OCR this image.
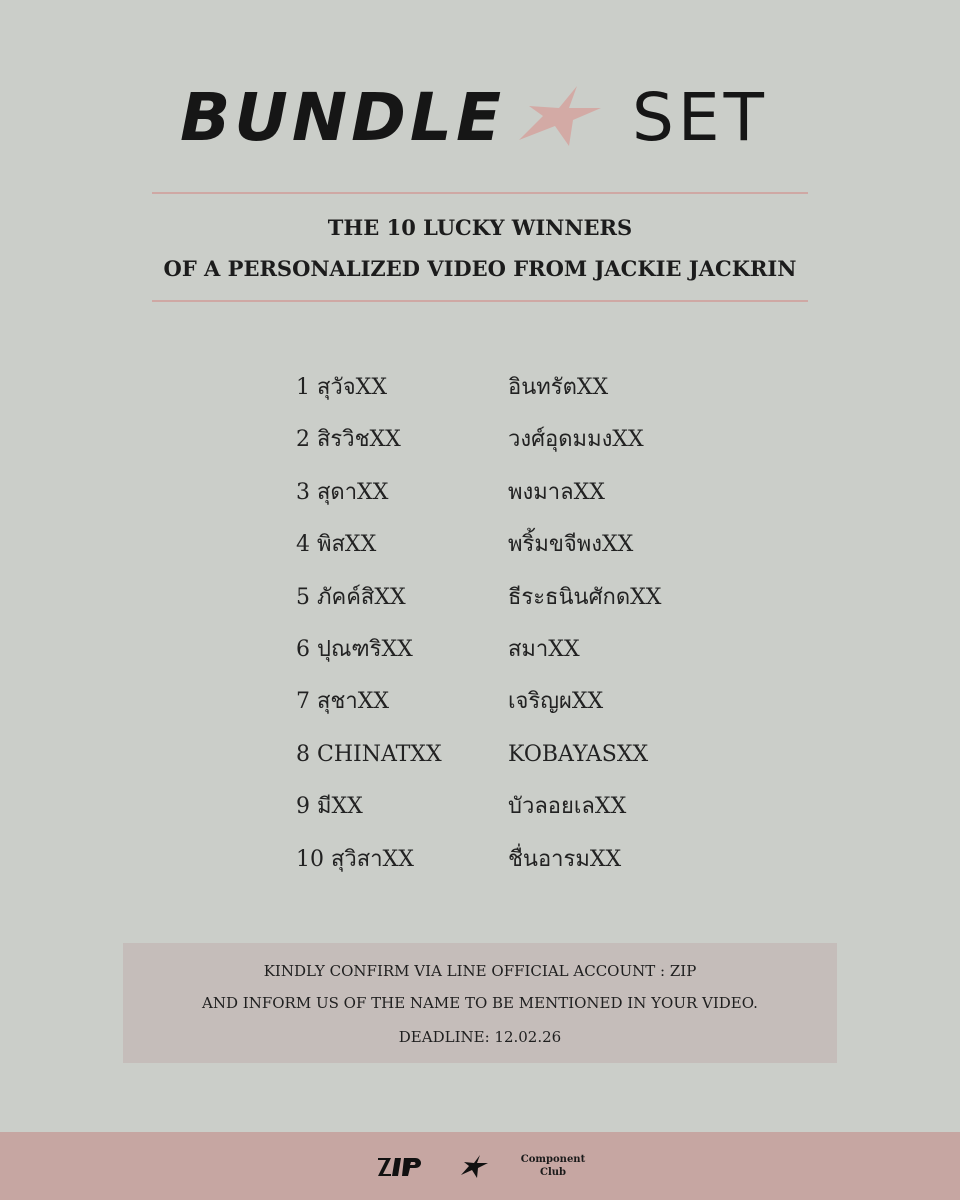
BUNDLE SET
THE 10 LUCKY WINNERS
OF A PERSONALIZED VIDEO FROM JACKIE JACKRIN
1 สุวัจXX	อินทรัตXX
2 สิรวิชXX	วงศ์อุดมมงXX
3 สุดาXX	พงมาลXX
4 พิสXX	พริ้มขจีพงXX
5 ภัคค์สิXX	ธีระธนินศักดXX
6 ปุณฑริXX	สมาXX
7 สุชาXX	เจริญผXX
8 CHINATXX	KOBAYASXX
9 มีXX	บัวลอยเลXX
10 สุวิสาXX	ชื่นอารมXX
KINDLY CONFIRM VIA LINE OFFICIAL ACCOUNT : ZIP
AND INFORM US OF THE NAME TO BE MENTIONED IN YOUR VIDEO.
DEADLINE: 12.02.26
Component
Club
